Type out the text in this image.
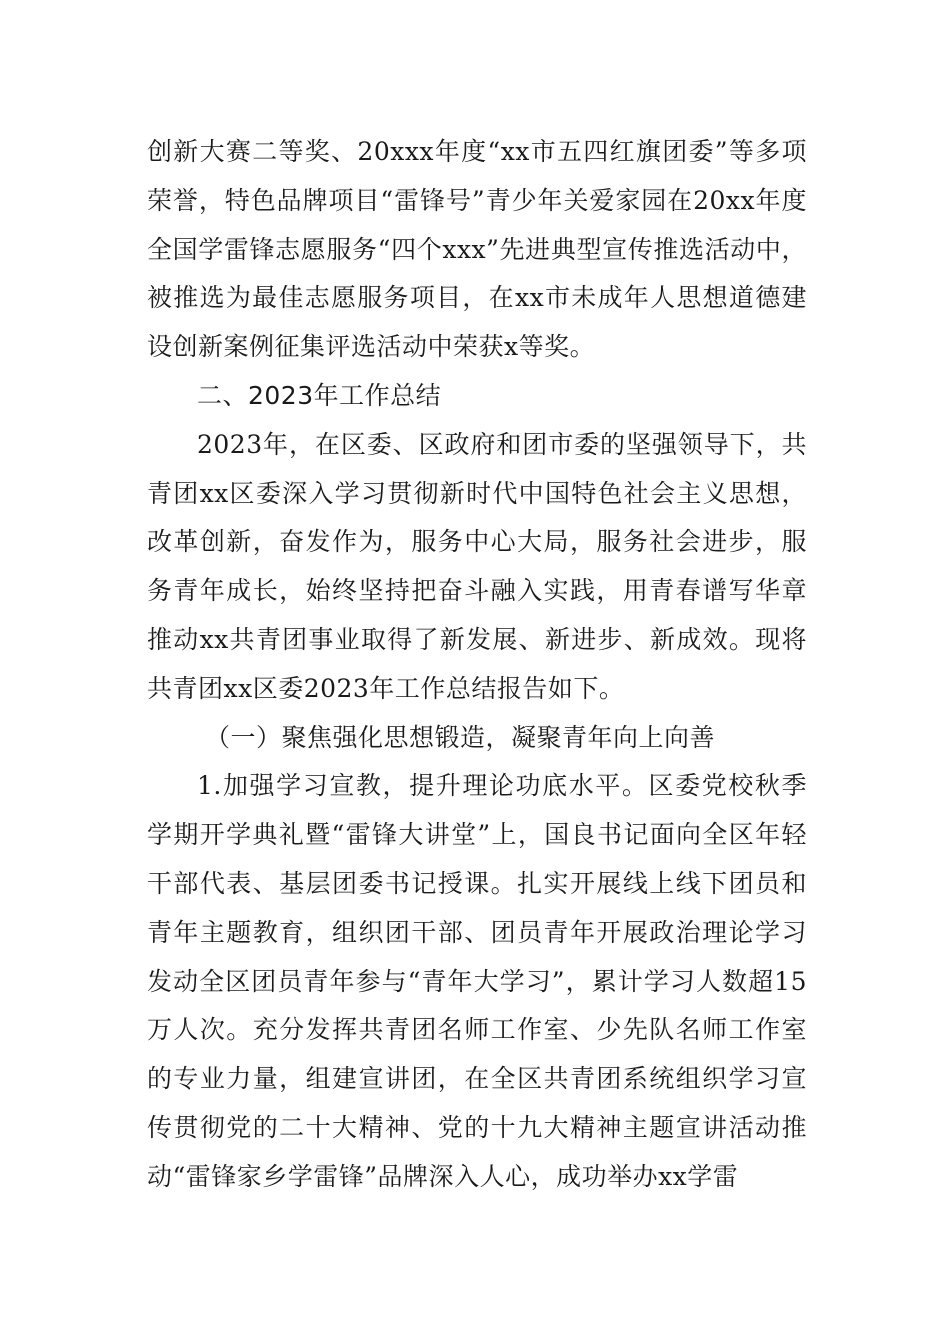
创新大赛二等奖、20xxx年度“xx市五四红旗团委”等多项荣誉，特色品牌项目“雷锋号”青少年关爱家园在20xx年度全国学雷锋志愿服务“四个xxx”先进典型宣传推选活动中，被推选为最佳志愿服务项目，在xx市未成年人思想道德建设创新案例征集评选活动中荣获x等奖。

二、2023年工作总结

2023年，在区委、区政府和团市委的坚强领导下，共青团xx区委深入学习贯彻新时代中国特色社会主义思想，改革创新，奋发作为，服务中心大局，服务社会进步，服务青年成长，始终坚持把奋斗融入实践，用青春谱写华章推动xx共青团事业取得了新发展、新进步、新成效。现将共青团xx区委2023年工作总结报告如下。

（一）聚焦强化思想锻造，凝聚青年向上向善

1.加强学习宣教，提升理论功底水平。区委党校秋季学期开学典礼暨“雷锋大讲堂”上，国良书记面向全区年轻干部代表、基层团委书记授课。扎实开展线上线下团员和青年主题教育，组织团干部、团员青年开展政治理论学习发动全区团员青年参与“青年大学习”，累计学习人数超15万人次。充分发挥共青团名师工作室、少先队名师工作室的专业力量，组建宣讲团，在全区共青团系统组织学习宣传贯彻党的二十大精神、党的十九大精神主题宣讲活动推动“雷锋家乡学雷锋”品牌深入人心，成功举办xx学雷
